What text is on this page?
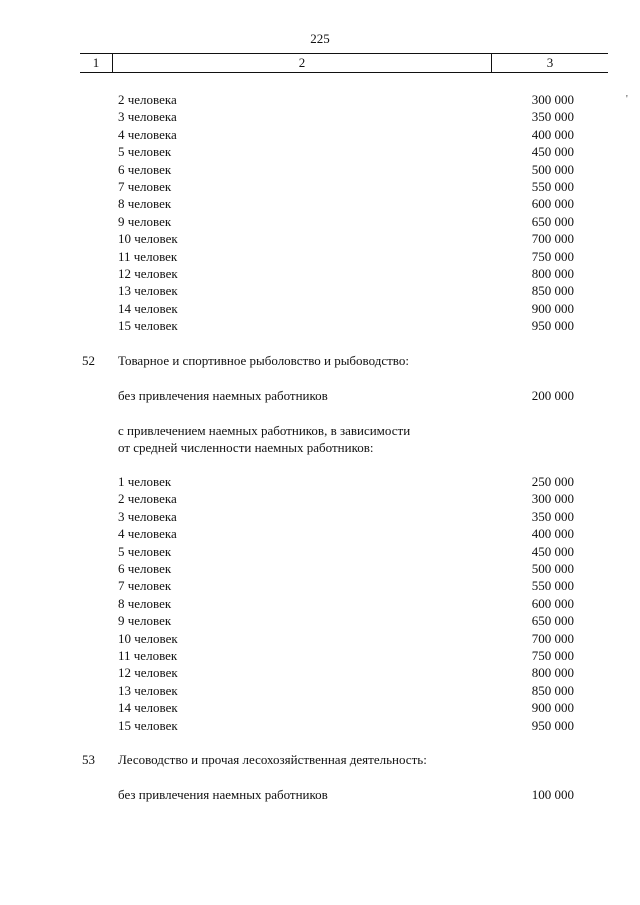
225
1	2	3
'
2 человека	300 000
3 человека	350 000
4 человека	400 000
5 человек	450 000
6 человек	500 000
7 человек	550 000
8 человек	600 000
9 человек	650 000
10 человек	700 000
11 человек	750 000
12 человек	800 000
13 человек	850 000
14 человек	900 000
15 человек	950 000
52 Товарное и спортивное рыболовство и рыбоводство:
без привлечения наемных работников	200 000
с привлечением наемных работников, в зависимости
от средней численности наемных работников:
1 человек	250 000
2 человека	300 000
3 человека	350 000
4 человека	400 000
5 человек	450 000
6 человек	500 000
7 человек	550 000
8 человек	600 000
9 человек	650 000
10 человек	700 000
11 человек	750 000
12 человек	800 000
13 человек	850 000
14 человек	900 000
15 человек	950 000
53 Лесоводство и прочая лесохозяйственная деятельность:
без привлечения наемных работников	100 000
